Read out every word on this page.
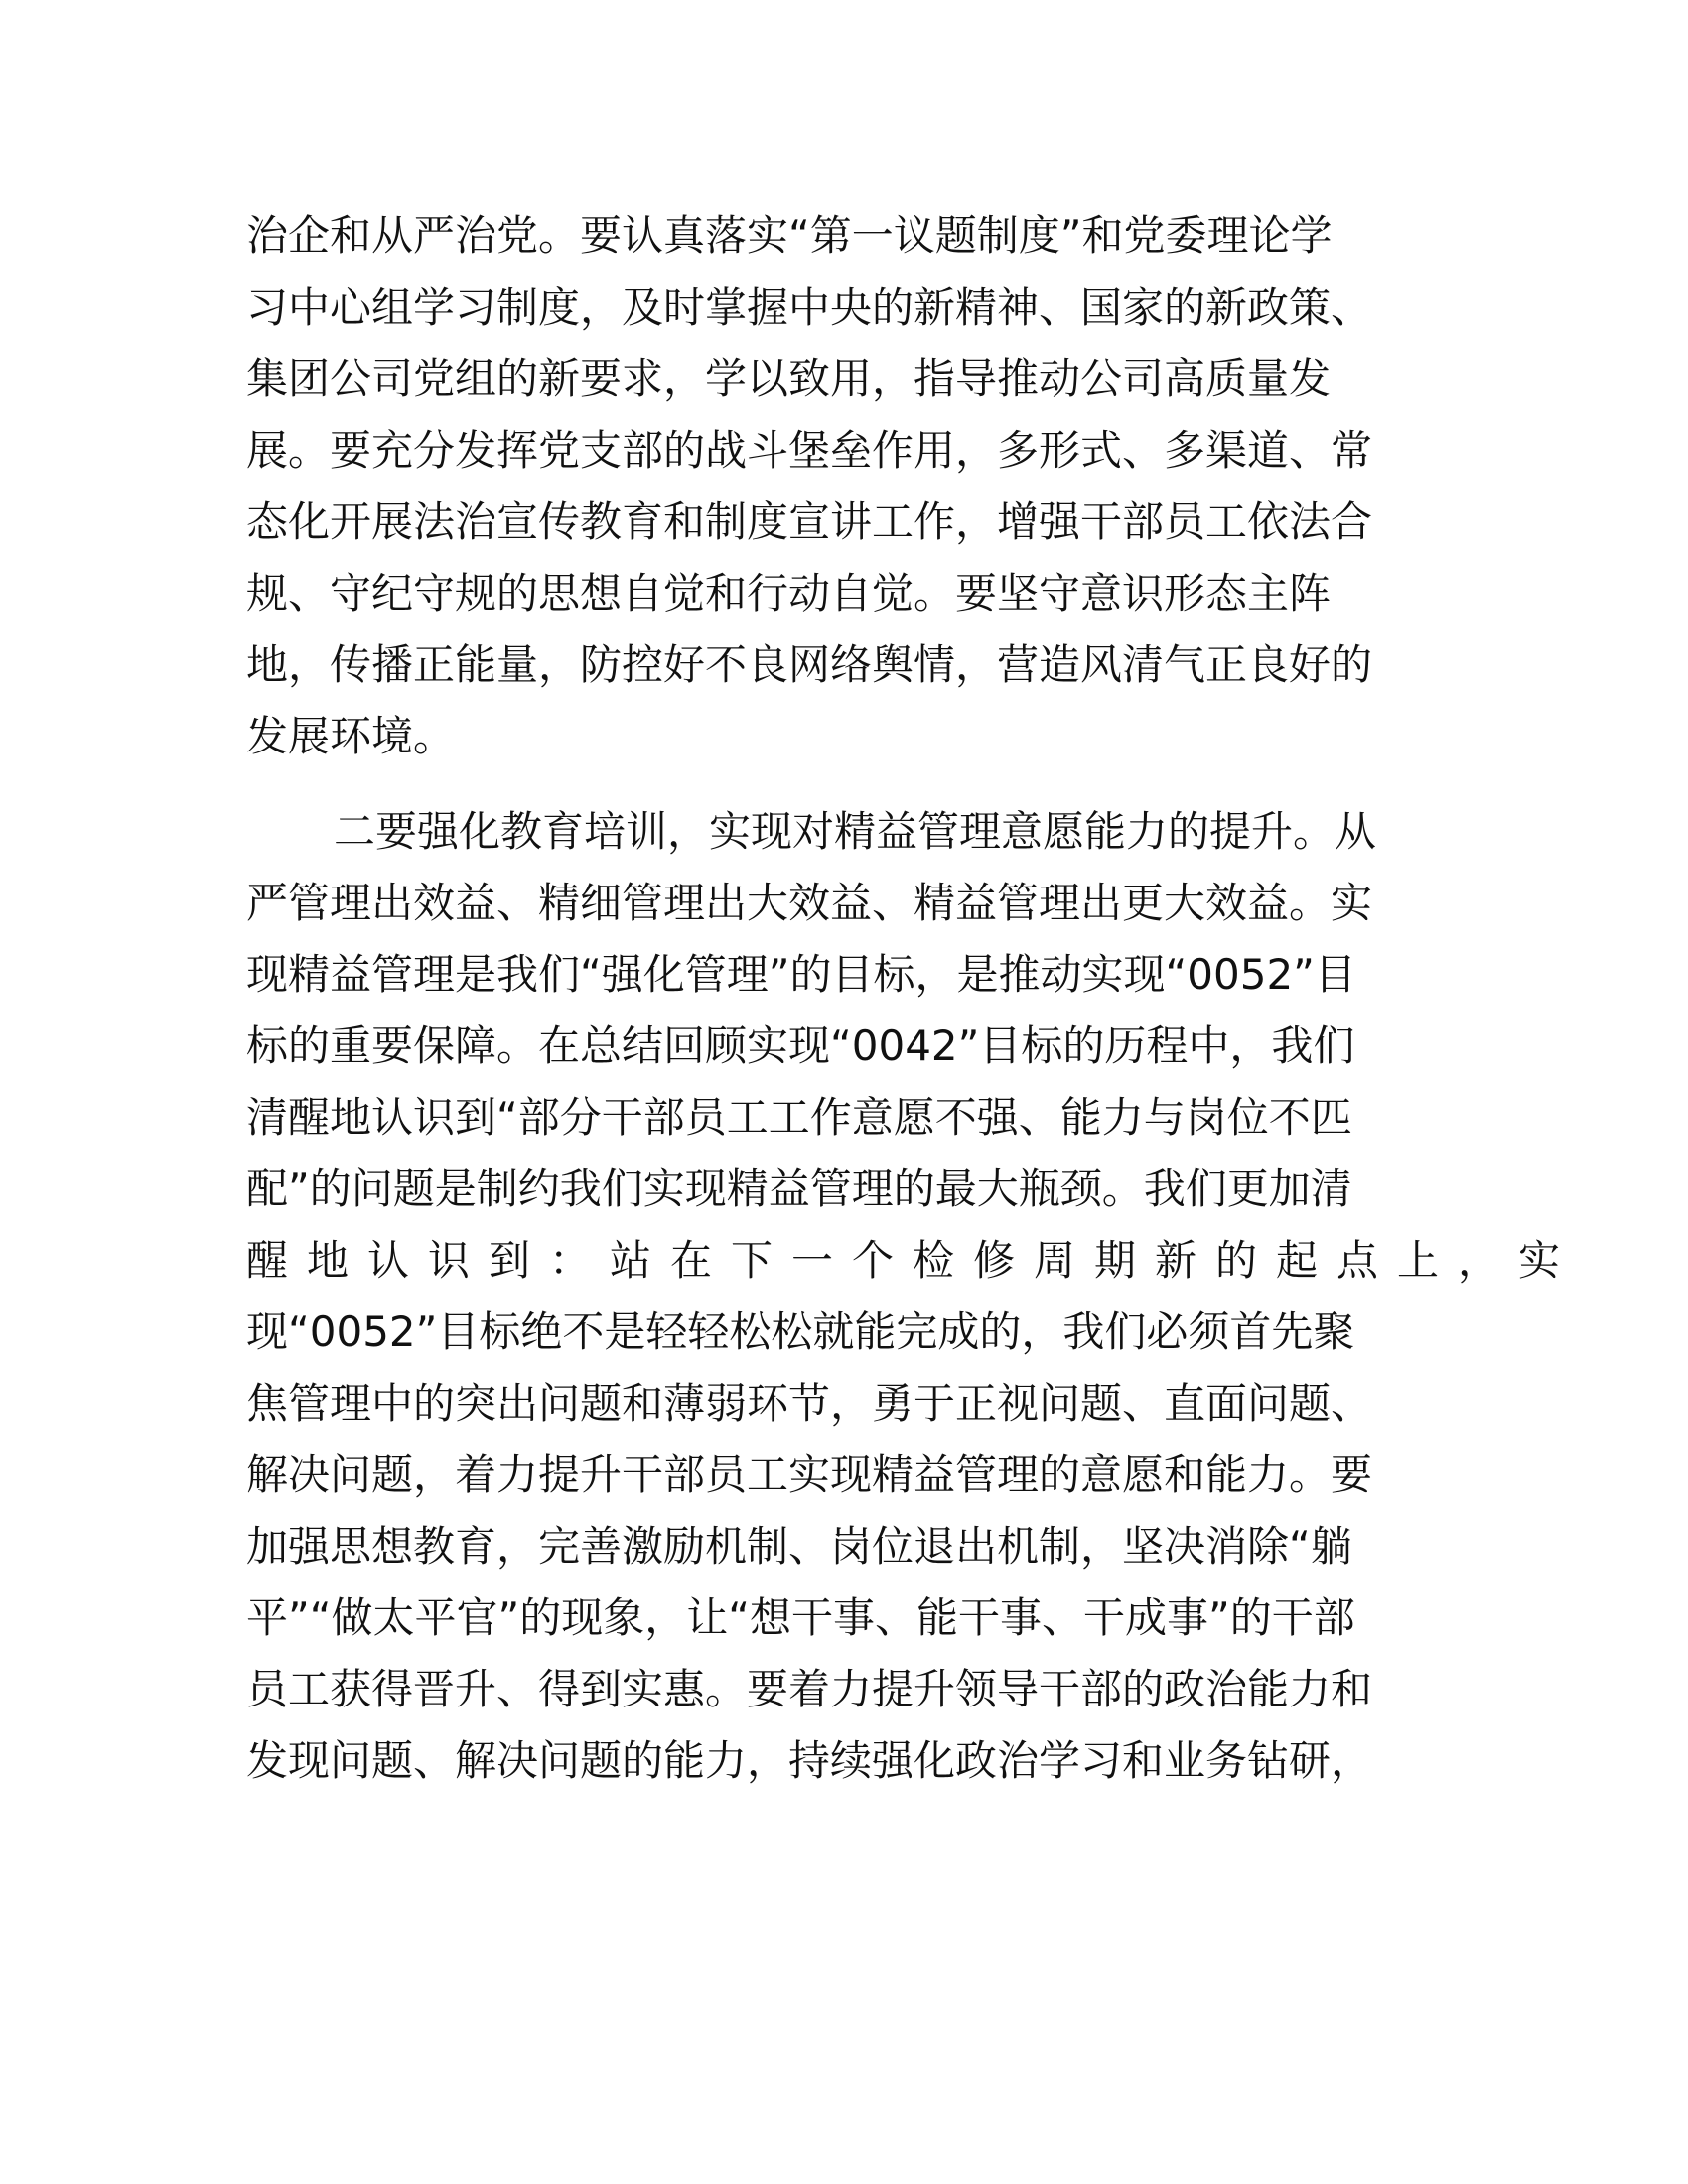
治企和从严治党。要认真落实“第一议题制度”和党委理论学
习中心组学习制度，及时掌握中央的新精神、国家的新政策、
集团公司党组的新要求，学以致用，指导推动公司高质量发
展。要充分发挥党支部的战斗堡垒作用，多形式、多渠道、常
态化开展法治宣传教育和制度宣讲工作，增强干部员工依法合
规、守纪守规的思想自觉和行动自觉。要坚守意识形态主阵
地，传播正能量，防控好不良网络舆情，营造风清气正良好的
发展环境。
二要强化教育培训，实现对精益管理意愿能力的提升。从
严管理出效益、精细管理出大效益、精益管理出更大效益。实
现精益管理是我们“强化管理”的目标，是推动实现“0052”目
标的重要保障。在总结回顾实现“0042”目标的历程中，我们
清醒地认识到“部分干部员工工作意愿不强、能力与岗位不匹
配”的问题是制约我们实现精益管理的最大瓶颈。我们更加清
醒地认识到：站在下一个检修周期新的起点上，实
现“0052”目标绝不是轻轻松松就能完成的，我们必须首先聚
焦管理中的突出问题和薄弱环节，勇于正视问题、直面问题、
解决问题，着力提升干部员工实现精益管理的意愿和能力。要
加强思想教育，完善激励机制、岗位退出机制，坚决消除“躺
平”“做太平官”的现象，让“想干事、能干事、干成事”的干部
员工获得晋升、得到实惠。要着力提升领导干部的政治能力和
发现问题、解决问题的能力，持续强化政治学习和业务钻研，
